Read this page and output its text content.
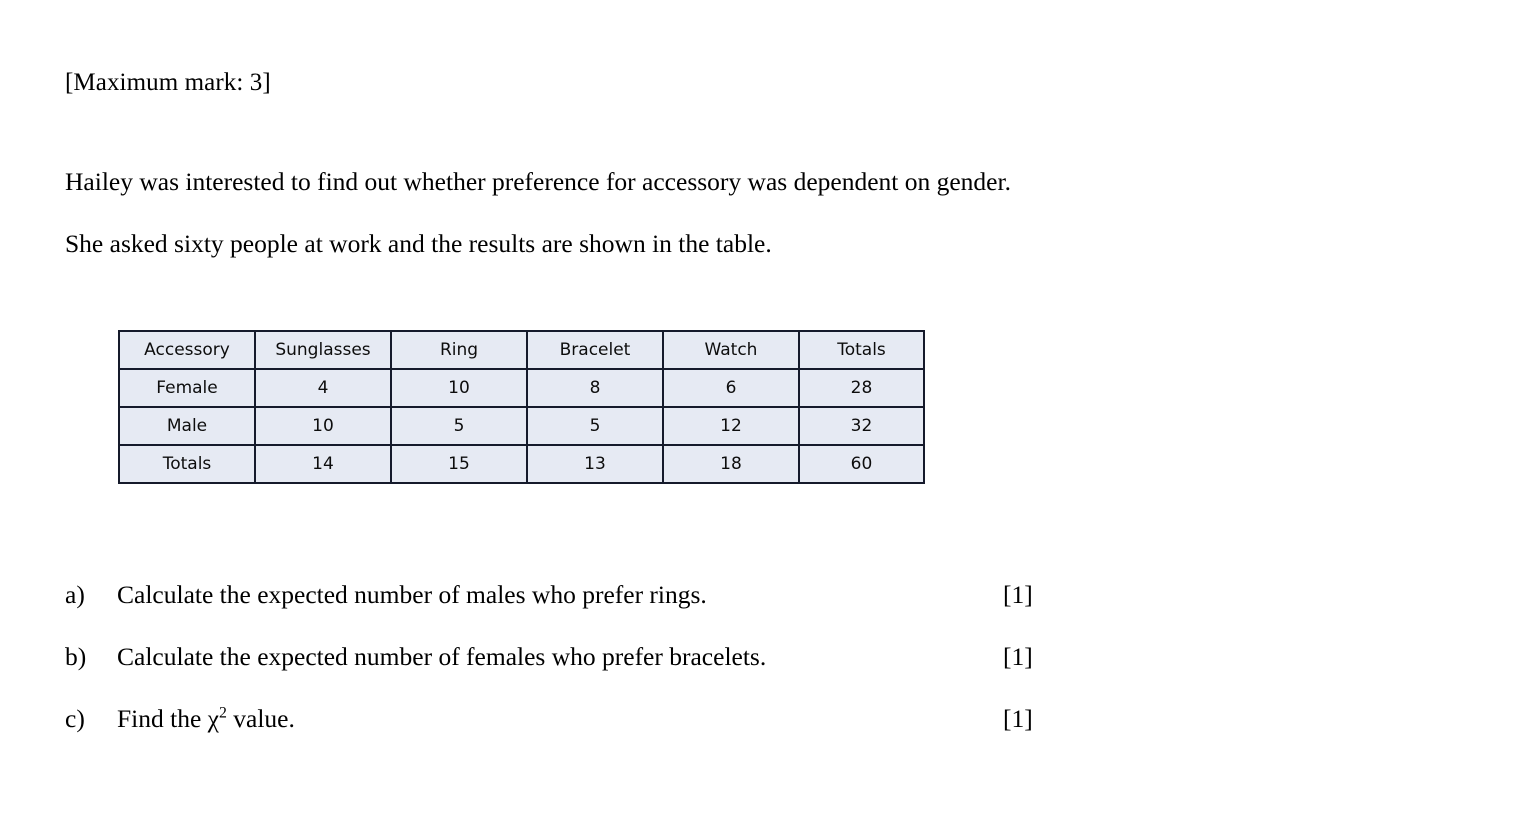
[Maximum mark: 3]
Hailey was interested to find out whether preference for accessory was dependent on gender.
She asked sixty people at work and the results are shown in the table.
Accessory	Sunglasses	Ring	Bracelet	Watch	Totals
Female	4	10	8	6	28
Male	10	5	5	12	32
Totals	14	15	13	18	60
a)	Calculate the expected number of males who prefer rings.	[1]
b)	Calculate the expected number of females who prefer bracelets.	[1]
c)	Find the $\chi^2$ value.	[1]
